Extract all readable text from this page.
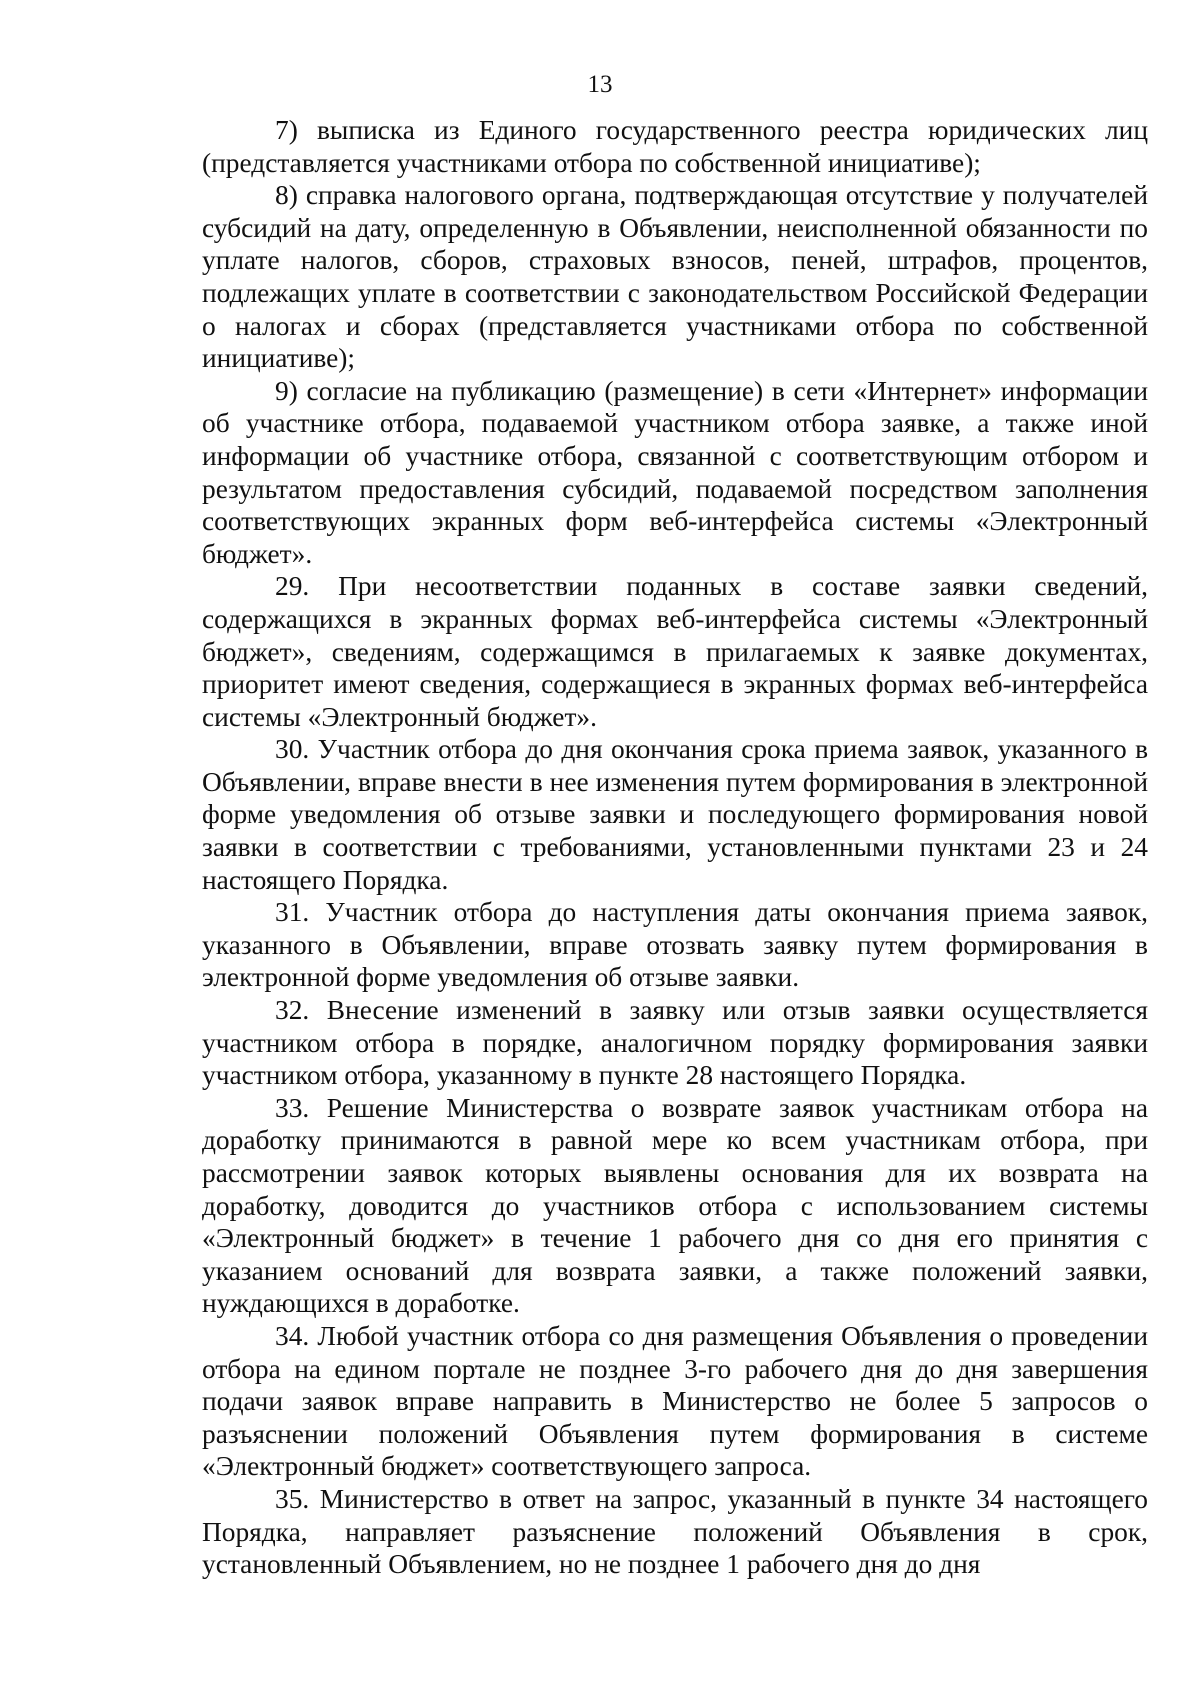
13

7) выписка из Единого государственного реестра юридических лиц (представляется участниками отбора по собственной инициативе);

8) справка налогового органа, подтверждающая отсутствие у получателей субсидий на дату, определенную в Объявлении, неисполненной обязанности по уплате налогов, сборов, страховых взносов, пеней, штрафов, процентов, подлежащих уплате в соответствии с законодательством Российской Федерации о налогах и сборах (представляется участниками отбора по собственной инициативе);

9) согласие на публикацию (размещение) в сети «Интернет» информации об участнике отбора, подаваемой участником отбора заявке, а также иной информации об участнике отбора, связанной с соответствующим отбором и результатом предоставления субсидий, подаваемой посредством заполнения соответствующих экранных форм веб-интерфейса системы «Электронный бюджет».

29. При несоответствии поданных в составе заявки сведений, содержащихся в экранных формах веб-интерфейса системы «Электронный бюджет», сведениям, содержащимся в прилагаемых к заявке документах, приоритет имеют сведения, содержащиеся в экранных формах веб-интерфейса системы «Электронный бюджет».

30. Участник отбора до дня окончания срока приема заявок, указанного в Объявлении, вправе внести в нее изменения путем формирования в электронной форме уведомления об отзыве заявки и последующего формирования новой заявки в соответствии с требованиями, установленными пунктами 23 и 24 настоящего Порядка.

31. Участник отбора до наступления даты окончания приема заявок, указанного в Объявлении, вправе отозвать заявку путем формирования в электронной форме уведомления об отзыве заявки.

32. Внесение изменений в заявку или отзыв заявки осуществляется участником отбора в порядке, аналогичном порядку формирования заявки участником отбора, указанному в пункте 28 настоящего Порядка.

33. Решение Министерства о возврате заявок участникам отбора на доработку принимаются в равной мере ко всем участникам отбора, при рассмотрении заявок которых выявлены основания для их возврата на доработку, доводится до участников отбора с использованием системы «Электронный бюджет» в течение 1 рабочего дня со дня его принятия с указанием оснований для возврата заявки, а также положений заявки, нуждающихся в доработке.

34. Любой участник отбора со дня размещения Объявления о проведении отбора на едином портале не позднее 3-го рабочего дня до дня завершения подачи заявок вправе направить в Министерство не более 5 запросов о разъяснении положений Объявления путем формирования в системе «Электронный бюджет» соответствующего запроса.

35. Министерство в ответ на запрос, указанный в пункте 34 настоящего Порядка, направляет разъяснение положений Объявления в срок, установленный Объявлением, но не позднее 1 рабочего дня до дня
